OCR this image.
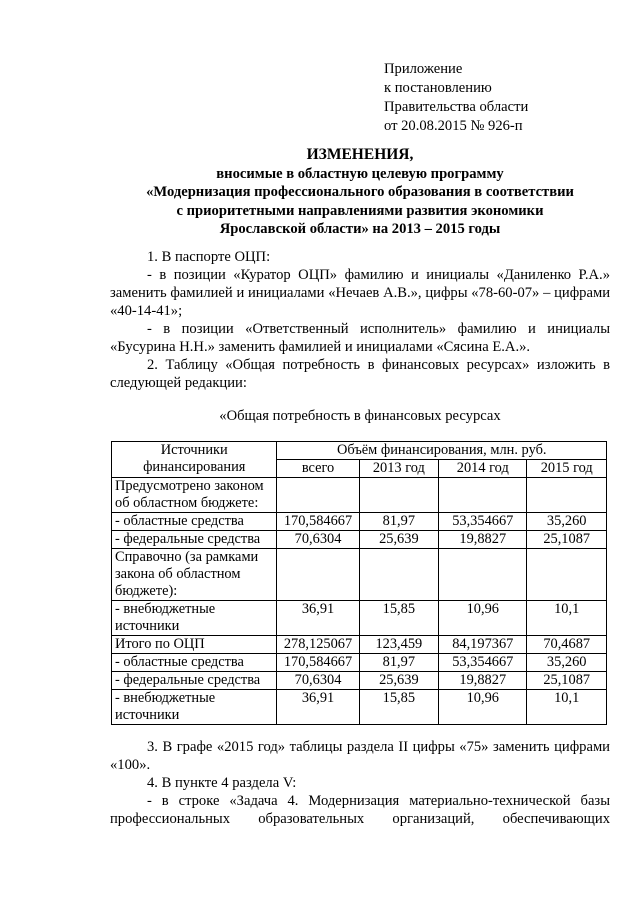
Приложение
к постановлению
Правительства области
от 20.08.2015 № 926-п
ИЗМЕНЕНИЯ,
вносимые в областную целевую программу
«Модернизация профессионального образования в соответствии
с приоритетными направлениями развития экономики
Ярославской области» на 2013 – 2015 годы

1. В паспорте ОЦП:

- в позиции «Куратор ОЦП» фамилию и инициалы «Даниленко Р.А.» заменить фамилией и инициалами «Нечаев А.В.», цифры «78-60-07» – цифрами «40-14-41»;

- в позиции «Ответственный исполнитель» фамилию и инициалы «Бусурина Н.Н.» заменить фамилией и инициалами «Сясина Е.А.».

2. Таблицу «Общая потребность в финансовых ресурсах» изложить в следующей редакции:

«Общая потребность в финансовых ресурсах
Источники финансирования	Объём финансирования, млн. руб.			
	всего	2013 год	2014 год	2015 год
Предусмотрено законом об областном бюджете:				
- областные средства	170,584667	81,97	53,354667	35,260
- федеральные средства	70,6304	25,639	19,8827	25,1087
Справочно (за рамками закона об областном бюджете):				
- внебюджетные источники	36,91	15,85	10,96	10,1
Итого по ОЦП	278,125067	123,459	84,197367	70,4687
- областные средства	170,584667	81,97	53,354667	35,260
- федеральные средства	70,6304	25,639	19,8827	25,1087
- внебюджетные источники	36,91	15,85	10,96	10,1

3. В графе «2015 год» таблицы раздела II цифры «75» заменить цифрами «100».

4. В пункте 4 раздела V:

- в строке «Задача 4. Модернизация материально-технической базы профессиональных образовательных организаций, обеспечивающих
